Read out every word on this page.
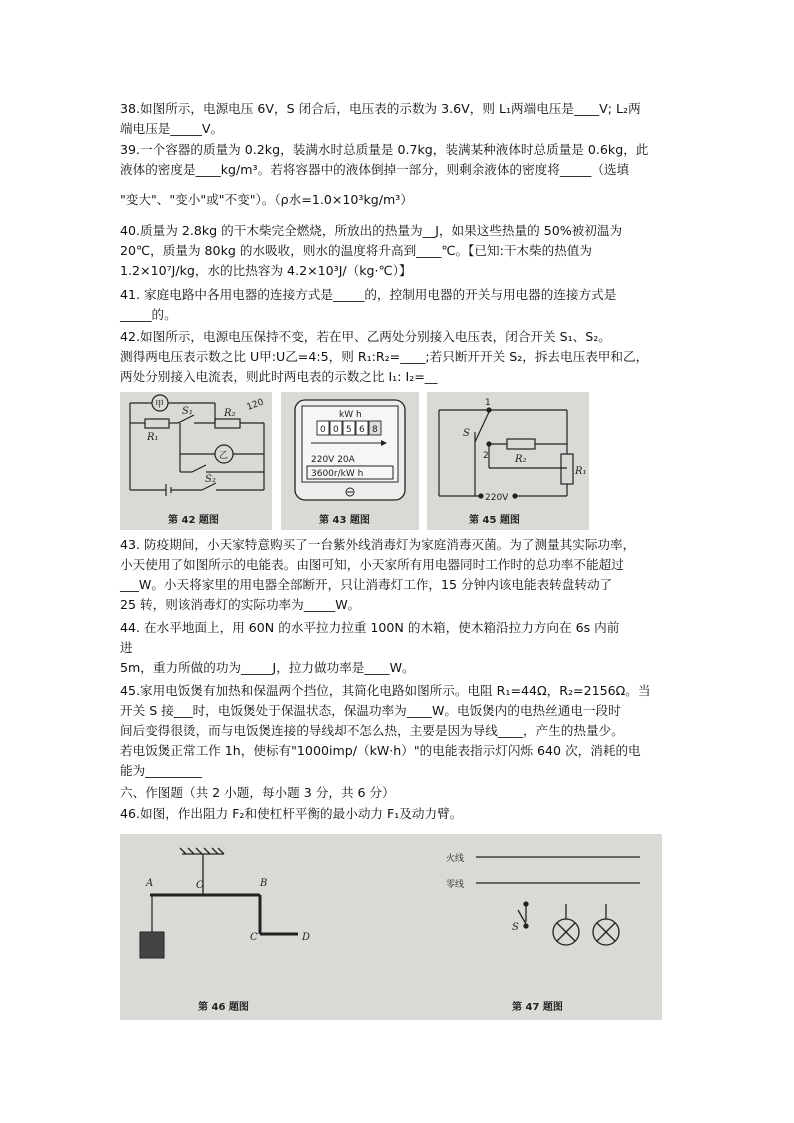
38.如图所示，电源电压 6V，S 闭合后，电压表的示数为 3.6V，则 L₁两端电压是____V; L₂两
端电压是_____V。
39.一个容器的质量为 0.2kg，装满水时总质量是 0.7kg，装满某种液体时总质量是 0.6kg，此
液体的密度是____kg/m³。若将容器中的液体倒掉一部分，则剩余液体的密度将_____（选填
"变大"、"变小"或"不变"）。（ρ水=1.0×10³kg/m³）
40.质量为 2.8kg 的干木柴完全燃烧，所放出的热量为__J，如果这些热量的 50%被初温为
20℃，质量为 80kg 的水吸收，则水的温度将升高到____℃。【已知:干木柴的热值为
1.2×10⁷J/kg，水的比热容为 4.2×10³J/（kg·℃）】
41. 家庭电路中各用电器的连接方式是_____的，控制用电器的开关与用电器的连接方式是
_____的。
42.如图所示，电源电压保持不变，若在甲、乙两处分别接入电压表，闭合开关 S₁、S₂。
测得两电压表示数之比 U甲:U乙=4:5，则 R₁:R₂=____;若只断开开关 S₂，拆去电压表甲和乙，
两处分别接入电流表，则此时两电表的示数之比 I₁: I₂=__
甲
乙
S₁
S₂
R₁
R₂
120
第 42 题图
kW h
0 0 5 6 8
220V 20A
3600r/kW h
第 43 题图
1
2
S
R₂
R₁
220V
第 45 题图
43. 防疫期间，小天家特意购买了一台紫外线消毒灯为家庭消毒灭菌。为了测量其实际功率，
小天使用了如图所示的电能表。由图可知，小天家所有用电器同时工作时的总功率不能超过
___W。小天将家里的用电器全部断开，只让消毒灯工作，15 分钟内该电能表转盘转动了
25 转，则该消毒灯的实际功率为_____W。
44. 在水平地面上，用 60N 的水平拉力拉重 100N 的木箱，使木箱沿拉力方向在 6s 内前
进
5m，重力所做的功为_____J，拉力做功率是____W。
45.家用电饭煲有加热和保温两个挡位，其简化电路如图所示。电阻 R₁=44Ω，R₂=2156Ω。当
开关 S 接___时，电饭煲处于保温状态，保温功率为____W。电饭煲内的电热丝通电一段时
间后变得很烫，而与电饭煲连接的导线却不怎么热，主要是因为导线____，产生的热量少。
若电饭煲正常工作 1h，使标有"1000imp/（kW·h）"的电能表指示灯闪烁 640 次，消耗的电
能为_________
六、作图题（共 2 小题，每小题 3 分，共 6 分）
46.如图，作出阻力 F₂和使杠杆平衡的最小动力 F₁及动力臂。
A	O	B
C	D
第 46 题图
火线
零线
S
第 47 题图
